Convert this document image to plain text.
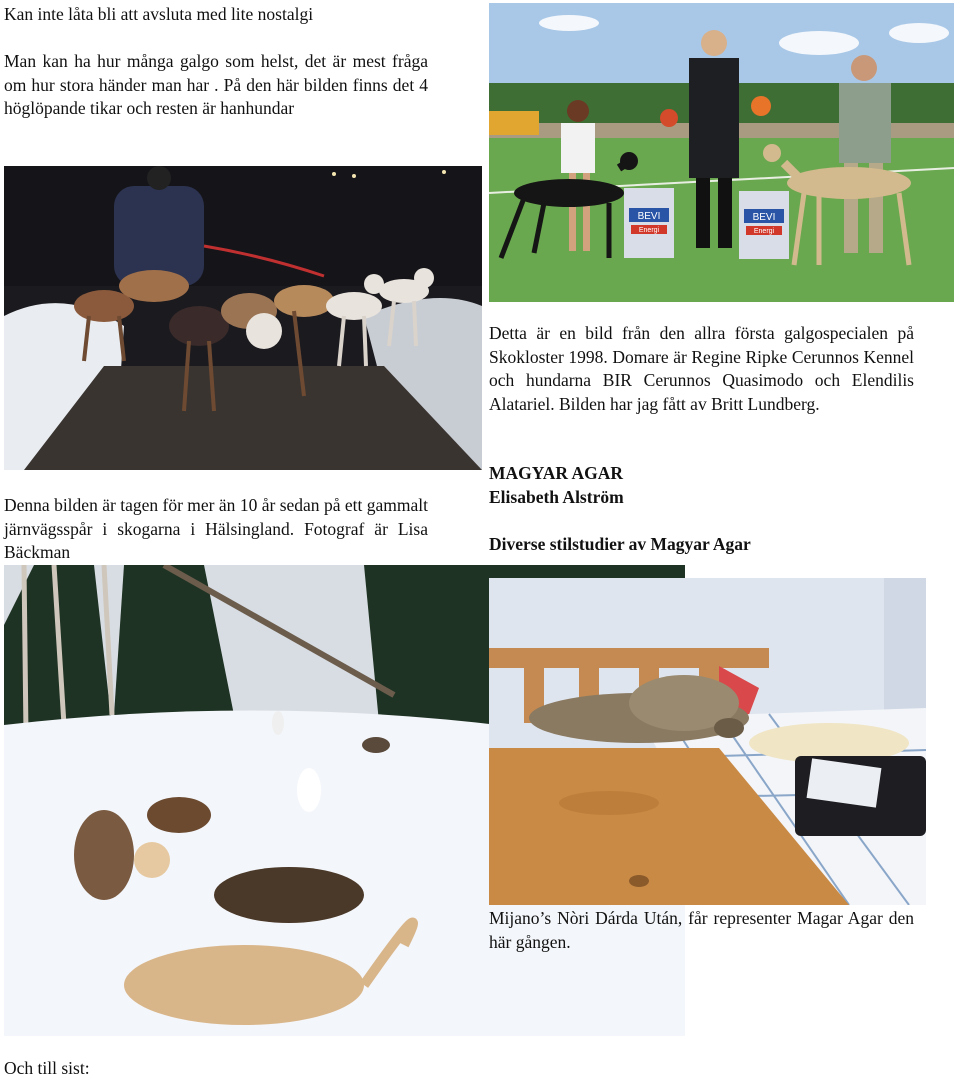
Kan inte låta bli att avsluta med lite nostalgi

Man kan ha hur många galgo som helst, det är mest fråga om hur stora händer man har . På den här bilden finns det 4 höglöpande tikar och resten är hanhundar

Denna bilden är tagen för mer än 10 år sedan på ett gammalt järnvägsspår i skogarna i Hälsingland. Fotograf är Lisa Bäckman

Och till sist:

BEVI
Energi
BEVI
Energi

Detta är en bild från den allra första galgospecialen på Skokloster 1998. Domare är Regine Ripke Cerunnos Kennel och hundarna BIR Cerunnos Quasimodo och Elendilis Alatariel. Bilden har jag fått av Britt Lundberg.

MAGYAR AGAR

Elisabeth Alström

Diverse stilstudier av Magyar Agar

Mijano’s Nòri Dárda Után, får representer Magar Agar den här gången.
